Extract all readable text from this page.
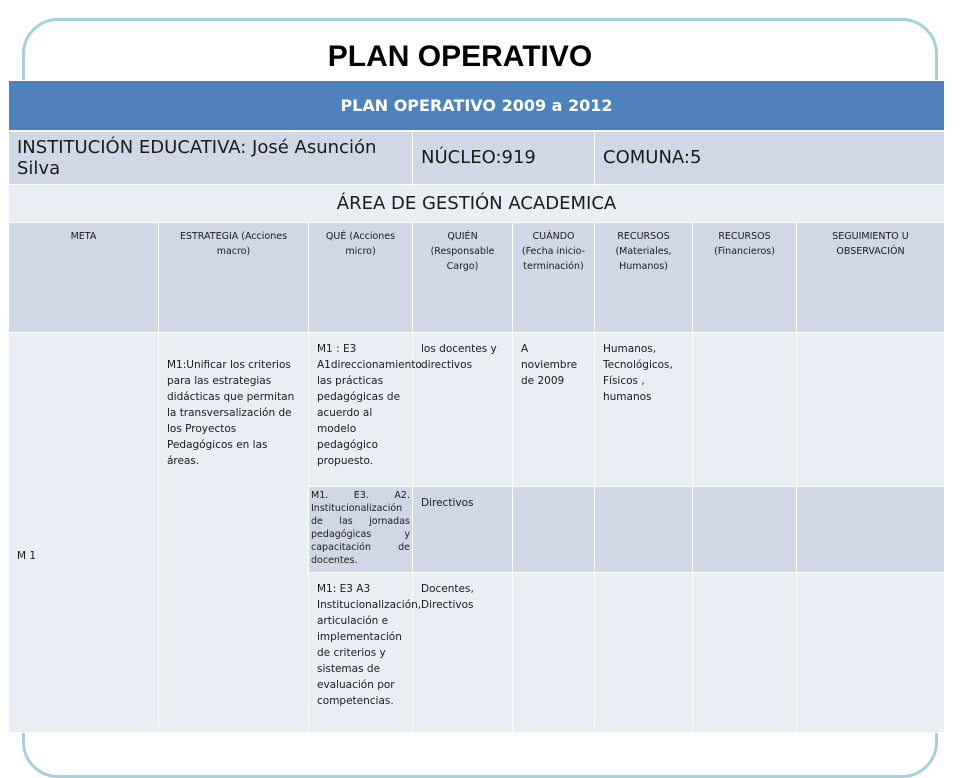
PLAN OPERATIVO
PLAN OPERATIVO 2009 a 2012							
INSTITUCIÓN EDUCATIVA: José Asunción Silva			NÚCLEO:919		COMUNA:5		
ÁREA DE GESTIÓN ACADEMICA							
META	ESTRATEGIA (Acciones macro)	QUÉ (Acciones micro)	QUIÉN (Responsable Cargo)	CUÁNDO (Fecha inicio-terminación)	RECURSOS (Materiales, Humanos)	RECURSOS (Financieros)	SEGUIMIENTO U OBSERVACIÓN
M 1	M1:Unificar los criterios para las estrategias didácticas que permitan la transversalización de los Proyectos Pedagógicos en las áreas.	M1 : E3 A1direccionamiento las prácticas pedagógicas de acuerdo al modelo pedagógico propuesto.	los docentes y directivos	A noviembre de 2009	Humanos, Tecnológicos, Físicos , humanos		
		M1. E3. A2. Institucionalización de las jornadas pedagógicas y capacitación de docentes.	Directivos				
		M1: E3 A3 Institucionalización, articulación e implementación de criterios y sistemas de evaluación por competencias.	Docentes, Directivos				
